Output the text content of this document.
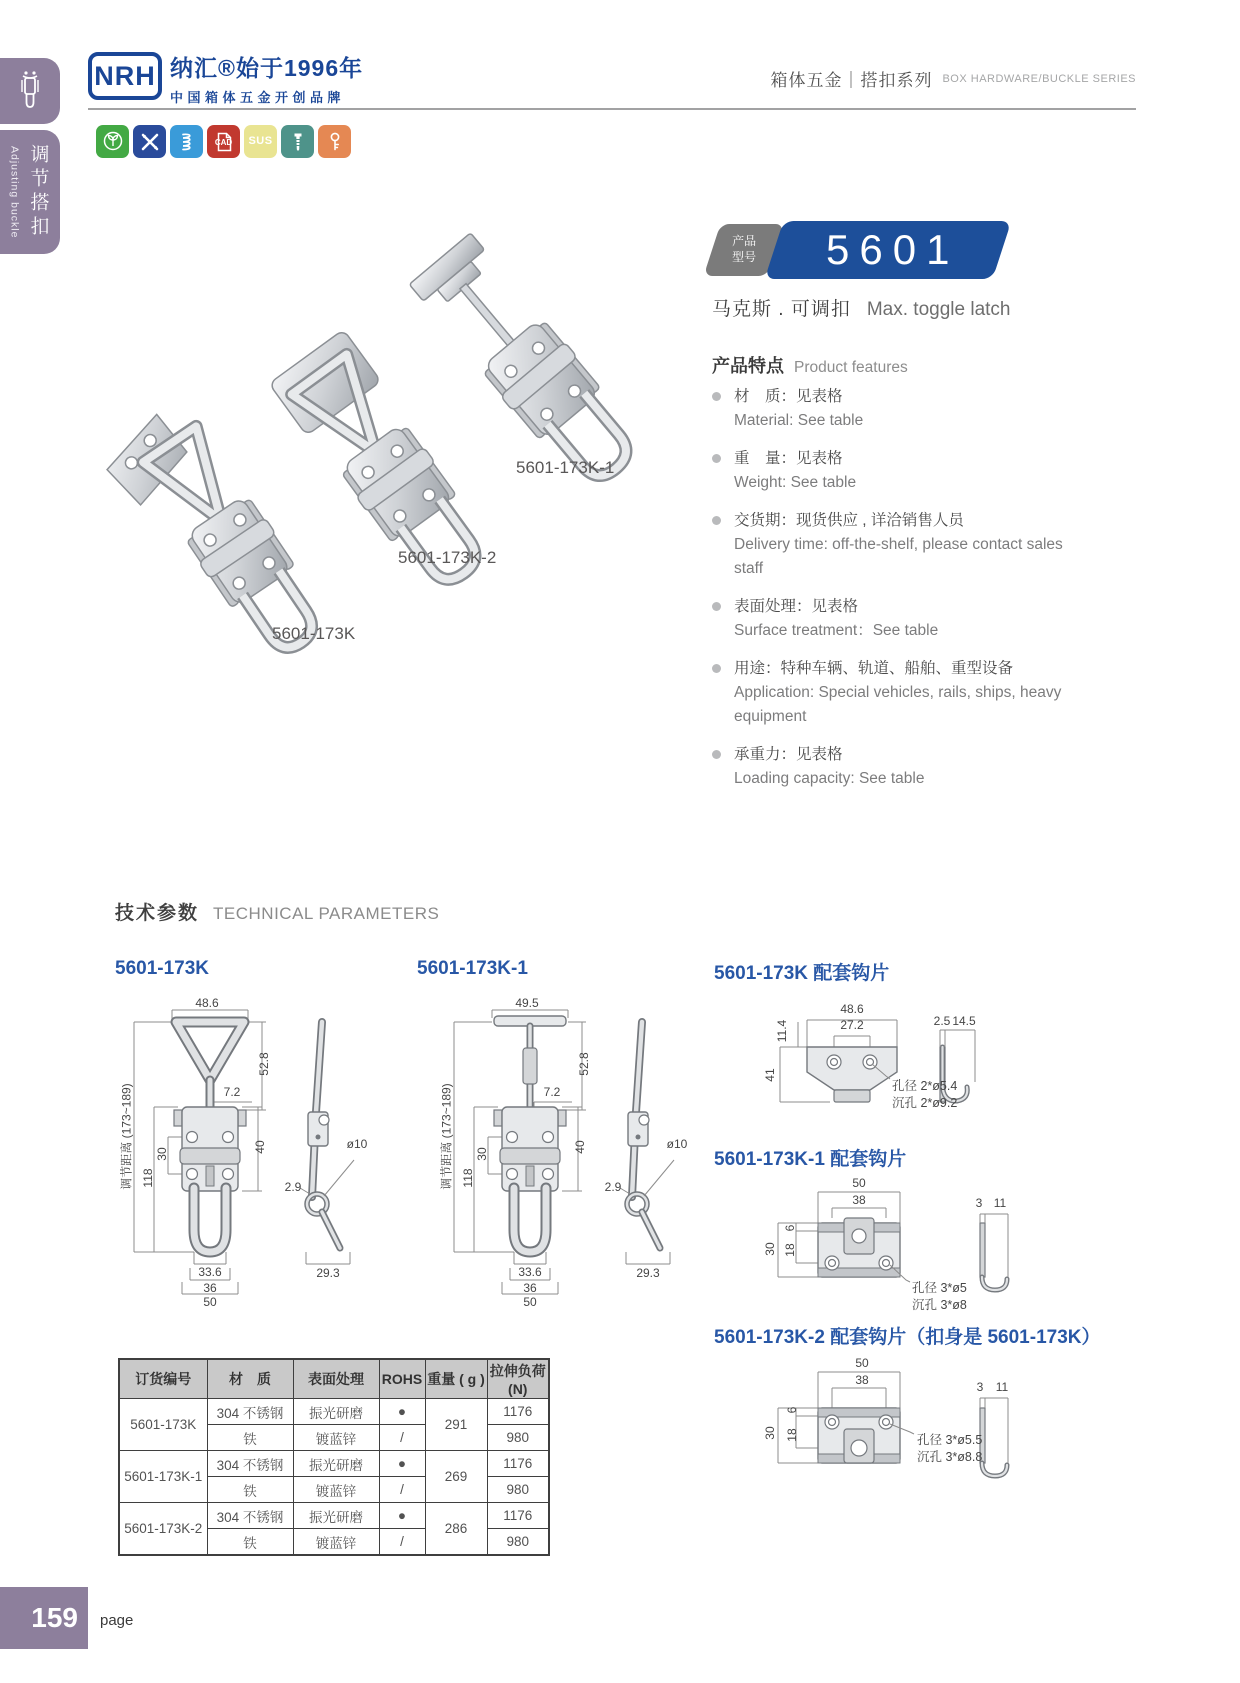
Adjusting buckle 调节搭扣
NRH 纳汇®始于1996年
中国箱体五金开创品牌
箱体五金｜搭扣系列 BOX HARDWARE/BUCKLE SERIES
CAD	SUS
产品
型号 5601
马克斯 . 可调扣 Max. toggle latch
产品特点 Product features
材　质：见表格
Material: See table
重　量：见表格
Weight: See table
交货期：现货供应 , 详洽销售人员
Delivery time: off-the-shelf, please contact sales staff
表面处理：见表格
Surface treatment：See table
用途：特种车辆、轨道、船舶、重型设备
Application: Special vehicles, rails, ships, heavy equipment
承重力：见表格
Loading capacity: See table
5601-173K-1
5601-173K-2
5601-173K
技术参数 TECHNICAL PARAMETERS
5601-173K
48.6
52.8
7.2
40
30
118
调节距离 (173~189)
33.6
36
50
2.9
ø10
29.3
5601-173K-1
49.5
52.8
7.2
40
30
118
调节距离 (173~189)
33.6
36
50
2.9
ø10
29.3
5601-173K 配套钩片
48.6
27.2
11.4
41
2.5 14.5
孔径 2*ø5.4
沉孔 2*ø9.2
5601-173K-1 配套钩片
50
38	3 11
6
18
30
孔径 3*ø5
沉孔 3*ø8
5601-173K-2 配套钩片（扣身是 5601-173K）
50
38	3	11
6
18
30	孔径 3*ø5.5
沉孔 3*ø8.8
订货编号	材　质	表面处理	ROHS	重量 ( g )	拉伸负荷 (N)
5601-173K	304 不锈钢	振光研磨	●	291	1176
	铁	镀蓝锌	/		980
5601-173K-1	304 不锈钢	振光研磨	●	269	1176
	铁	镀蓝锌	/		980
5601-173K-2	304 不锈钢	振光研磨	●	286	1176
	铁	镀蓝锌	/		980
159	page
